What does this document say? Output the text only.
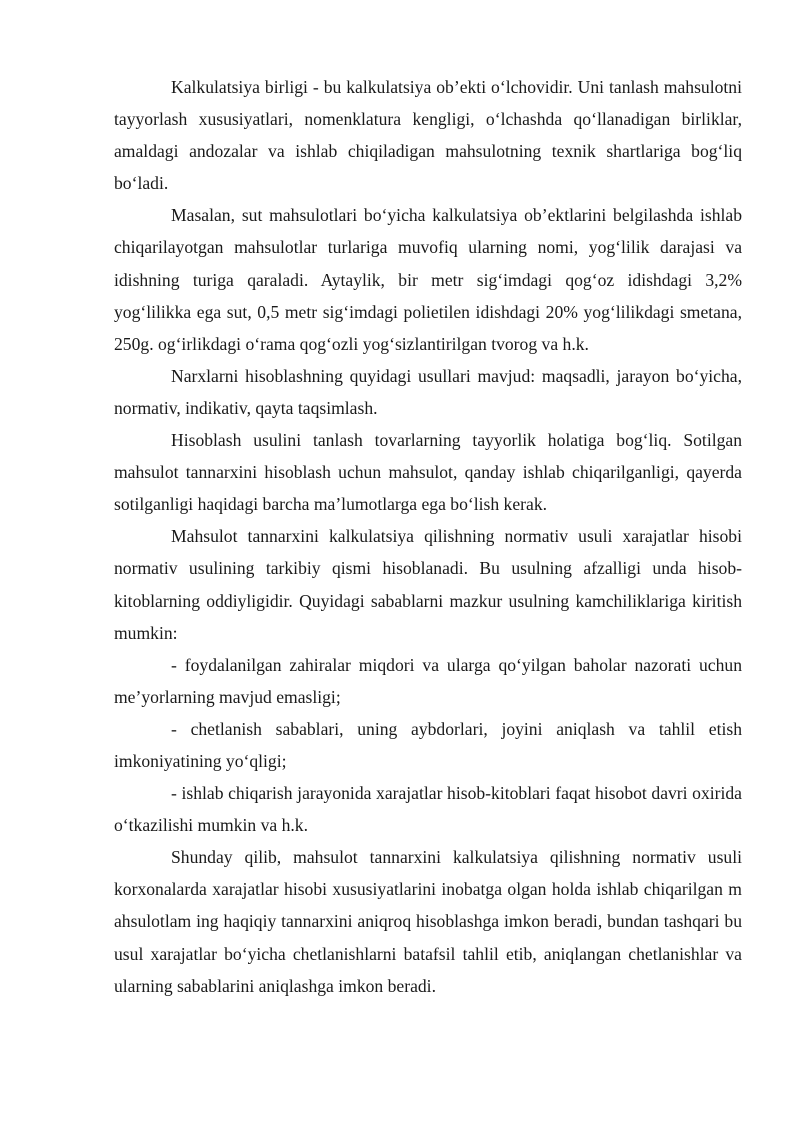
Kalkulatsiya birligi - bu kalkulatsiya ob’ekti o‘lchovidir. Uni tanlash mahsulotni tayyorlash xususiyatlari, nomenklatura kengligi, o‘lchashda qo‘llanadigan birliklar, amaldagi andozalar va ishlab chiqiladigan mahsulotning texnik shartlariga bog‘liq bo‘ladi.

Masalan, sut mahsulotlari bo‘yicha kalkulatsiya ob’ektlarini belgilashda ishlab chiqarilayotgan mahsulotlar turlariga muvofiq ularning nomi, yog‘lilik darajasi va idishning turiga qaraladi. Aytaylik, bir metr sig‘imdagi qog‘oz idishdagi 3,2% yog‘lilikka ega sut, 0,5 metr sig‘imdagi polietilen idishdagi 20% yog‘lilikdagi smetana, 250g. og‘irlikdagi o‘rama qog‘ozli yog‘sizlantirilgan tvorog va h.k.

Narxlarni hisoblashning quyidagi usullari mavjud: maqsadli, jarayon bo‘yicha, normativ, indikativ, qayta taqsimlash.

Hisoblash usulini tanlash tovarlarning tayyorlik holatiga bog‘liq. Sotilgan mahsulot tannarxini hisoblash uchun mahsulot, qanday ishlab chiqarilganligi, qayerda sotilganligi haqidagi barcha ma’lumotlarga ega bo‘lish kerak.

Mahsulot tannarxini kalkulatsiya qilishning normativ usuli xarajatlar hisobi normativ usulining tarkibiy qismi hisoblanadi. Bu usulning afzalligi unda hisob-kitoblarning oddiyligidir. Quyidagi sabablarni mazkur usulning kamchiliklariga kiritish mumkin:

- foydalanilgan zahiralar miqdori va ularga qo‘yilgan baholar nazorati uchun me’yorlarning mavjud emasligi;

- chetlanish sabablari, uning aybdorlari, joyini aniqlash va tahlil etish imkoniyatining yo‘qligi;

- ishlab chiqarish jarayonida xarajatlar hisob-kitoblari faqat hisobot davri oxirida o‘tkazilishi mumkin va h.k.

Shunday qilib, mahsulot tannarxini kalkulatsiya qilishning normativ usuli korxonalarda xarajatlar hisobi xususiyatlarini inobatga olgan holda ishlab chiqarilgan m ahsulotlam ing haqiqiy tannarxini aniqroq hisoblashga imkon beradi, bundan tashqari bu usul xarajatlar bo‘yicha chetlanishlarni batafsil tahlil etib, aniqlangan chetlanishlar va ularning sabablarini aniqlashga imkon beradi.
